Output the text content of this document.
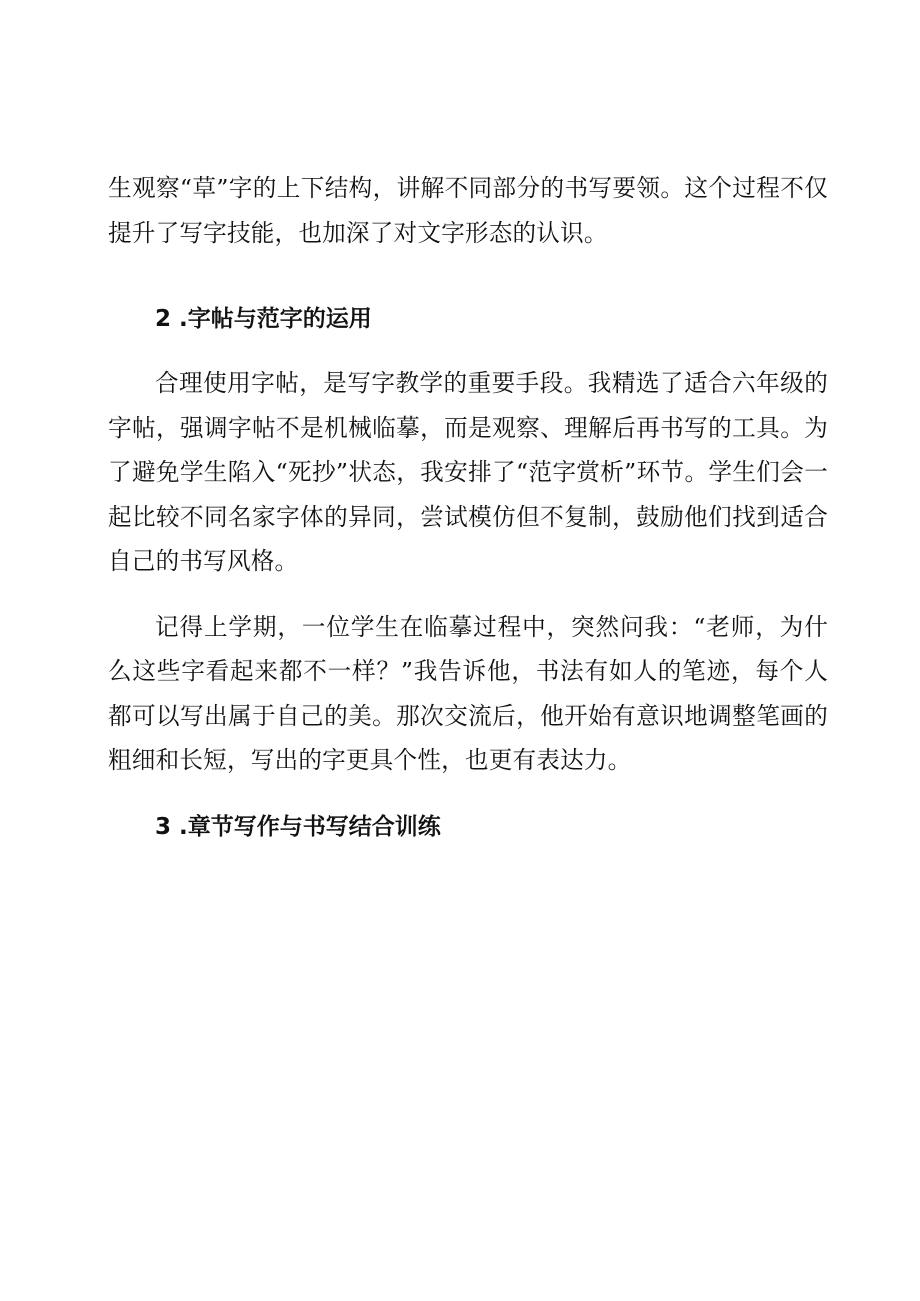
生观察“草”字的上下结构，讲解不同部分的书写要领。这个过程不仅提升了写字技能，也加深了对文字形态的认识。

2 .字帖与范字的运用

合理使用字帖，是写字教学的重要手段。我精选了适合六年级的字帖，强调字帖不是机械临摹，而是观察、理解后再书写的工具。为了避免学生陷入“死抄”状态，我安排了“范字赏析”环节。学生们会一起比较不同名家字体的异同，尝试模仿但不复制，鼓励他们找到适合自己的书写风格。

记得上学期，一位学生在临摹过程中，突然问我：“老师，为什么这些字看起来都不一样？”我告诉他，书法有如人的笔迹，每个人都可以写出属于自己的美。那次交流后，他开始有意识地调整笔画的粗细和长短，写出的字更具个性，也更有表达力。

3 .章节写作与书写结合训练
